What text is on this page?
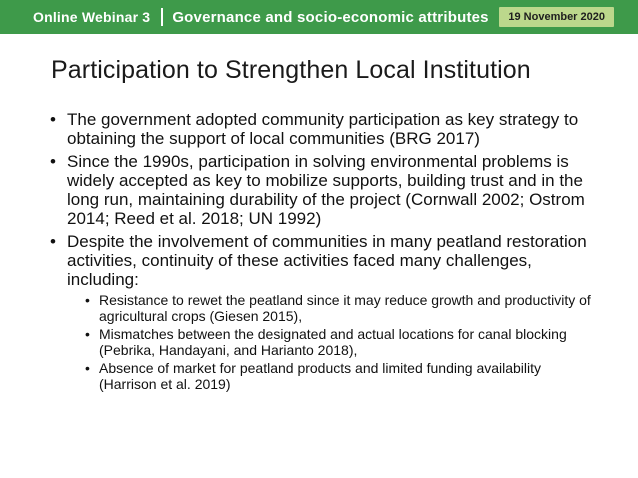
Online Webinar 3 Governance and socio-economic attributes	19 November 2020
Participation to Strengthen Local Institution
• The government adopted community participation as key strategy to obtaining the support of local communities (BRG 2017)
• Since the 1990s, participation in solving environmental problems is widely accepted as key to mobilize supports, building trust and in the long run, maintaining durability of the project (Cornwall 2002; Ostrom 2014; Reed et al. 2018; UN 1992)
• Despite the involvement of communities in many peatland restoration activities, continuity of these activities faced many challenges, including:
• Resistance to rewet the peatland since it may reduce growth and productivity of agricultural crops (Giesen 2015),
• Mismatches between the designated and actual locations for canal blocking (Pebrika, Handayani, and Harianto 2018),
• Absence of market for peatland products and limited funding availability (Harrison et al. 2019)
